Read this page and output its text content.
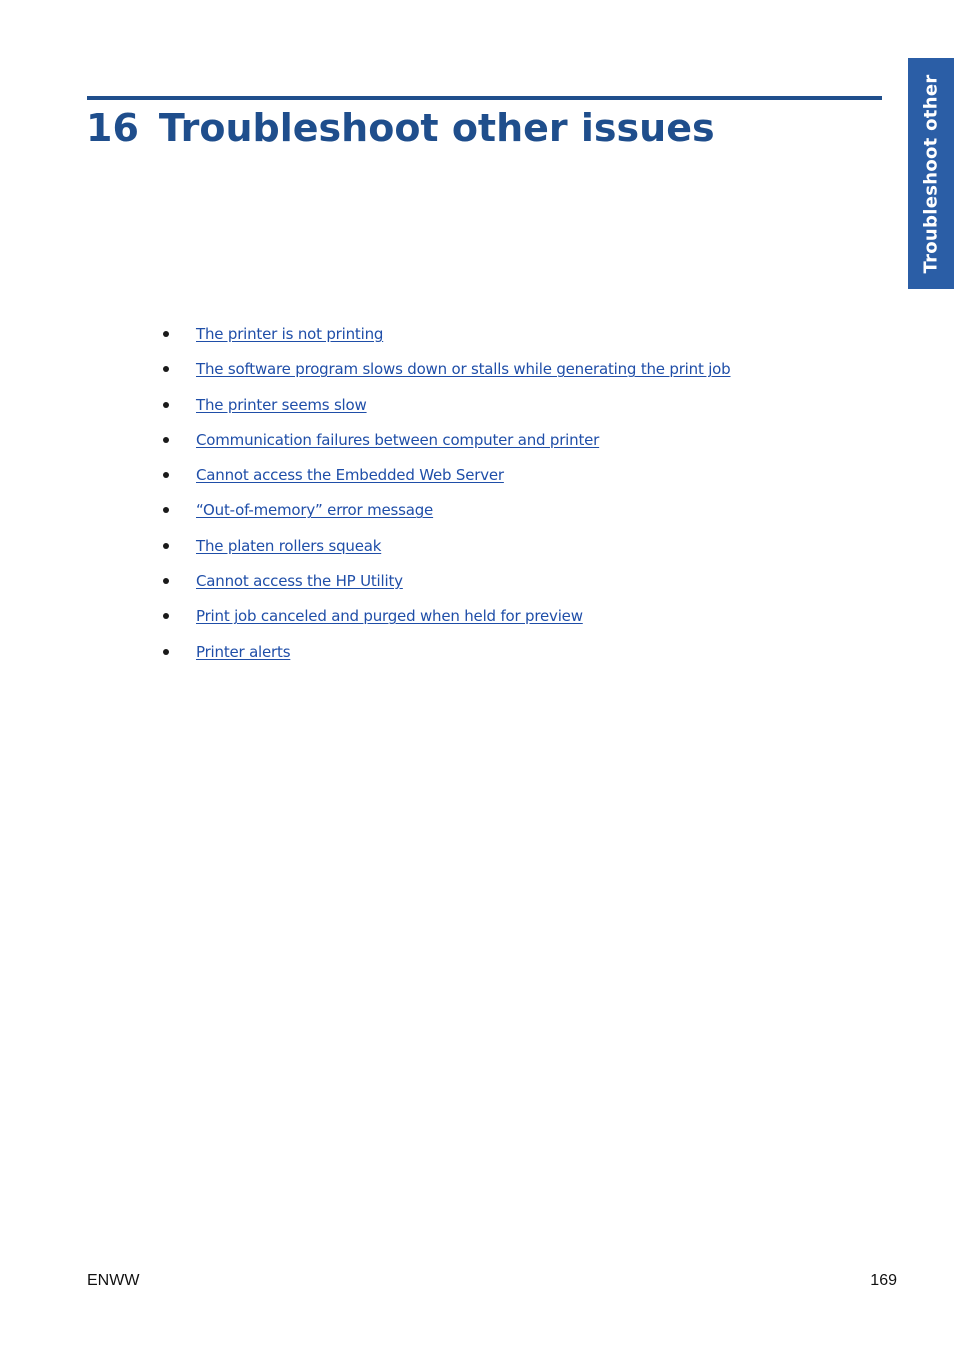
Troubleshoot other
16 Troubleshoot other issues
The printer is not printing
The software program slows down or stalls while generating the print job
The printer seems slow
Communication failures between computer and printer
Cannot access the Embedded Web Server
“Out-of-memory” error message
The platen rollers squeak
Cannot access the HP Utility
Print job canceled and purged when held for preview
Printer alerts
ENWW	169
